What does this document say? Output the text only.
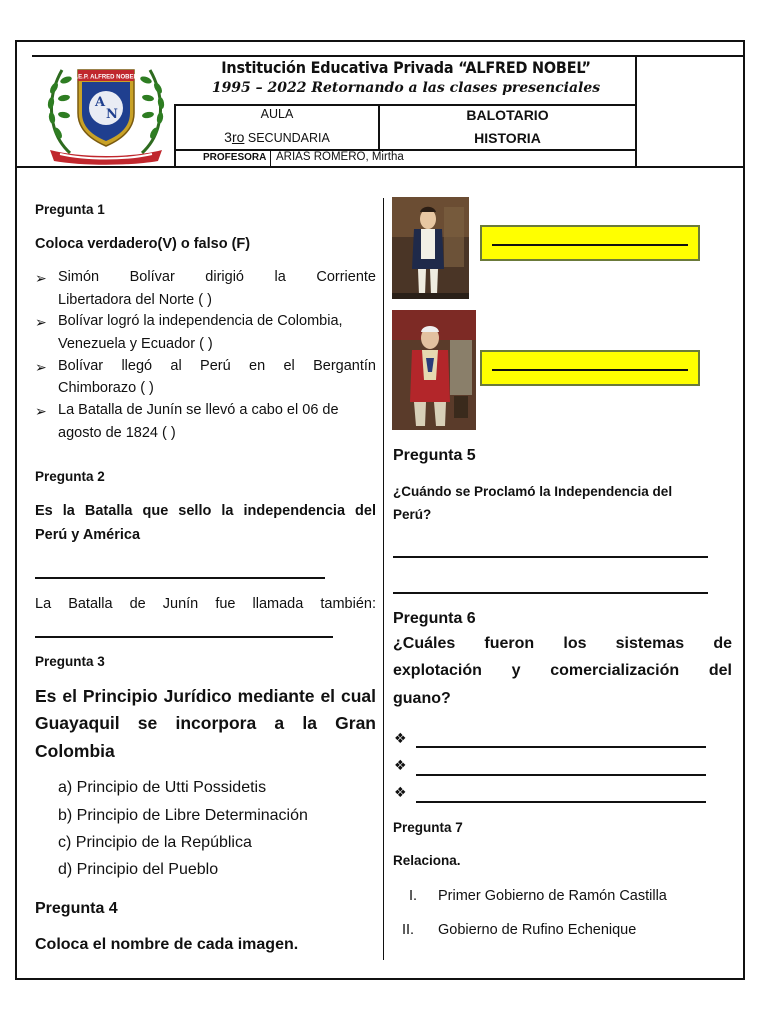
I.E.P. ALFRED NOBEL
A
N
Institución Educativa Privada “ALFRED NOBEL”
1995 – 2022 Retornando a las clases presenciales
AULA
3ro SECUNDARIA
BALOTARIO
HISTORIA
PROFESORA ARIAS ROMERO, Mirtha
Pregunta 1
Coloca verdadero(V) o falso (F)
➢ Simón Bolívar dirigió la Corriente
Libertadora del Norte ( )
➢ Bolívar logró la independencia de Colombia,
Venezuela y Ecuador ( )
➢ Bolívar llegó al Perú en el Bergantín
Chimborazo ( )
➢ La Batalla de Junín se llevó a cabo el 06 de
agosto de 1824 ( )
Pregunta 2
Es la Batalla que sello la independencia del
Perú y América
La Batalla de Junín fue llamada también:
Pregunta 3
Es el Principio Jurídico mediante el cual
Guayaquil se incorpora a la Gran
Colombia
a) Principio de Utti Possidetis
b) Principio de Libre Determinación
c) Principio de la República
d) Principio del Pueblo
Pregunta 4
Coloca el nombre de cada imagen.
Pregunta 5
¿Cuándo se Proclamó la Independencia del
Perú?
Pregunta 6
¿Cuáles fueron los sistemas de
explotación y comercialización del
guano?
❖
❖
❖
Pregunta 7
Relaciona.
I. Primer Gobierno de Ramón Castilla
II. Gobierno de Rufino Echenique
